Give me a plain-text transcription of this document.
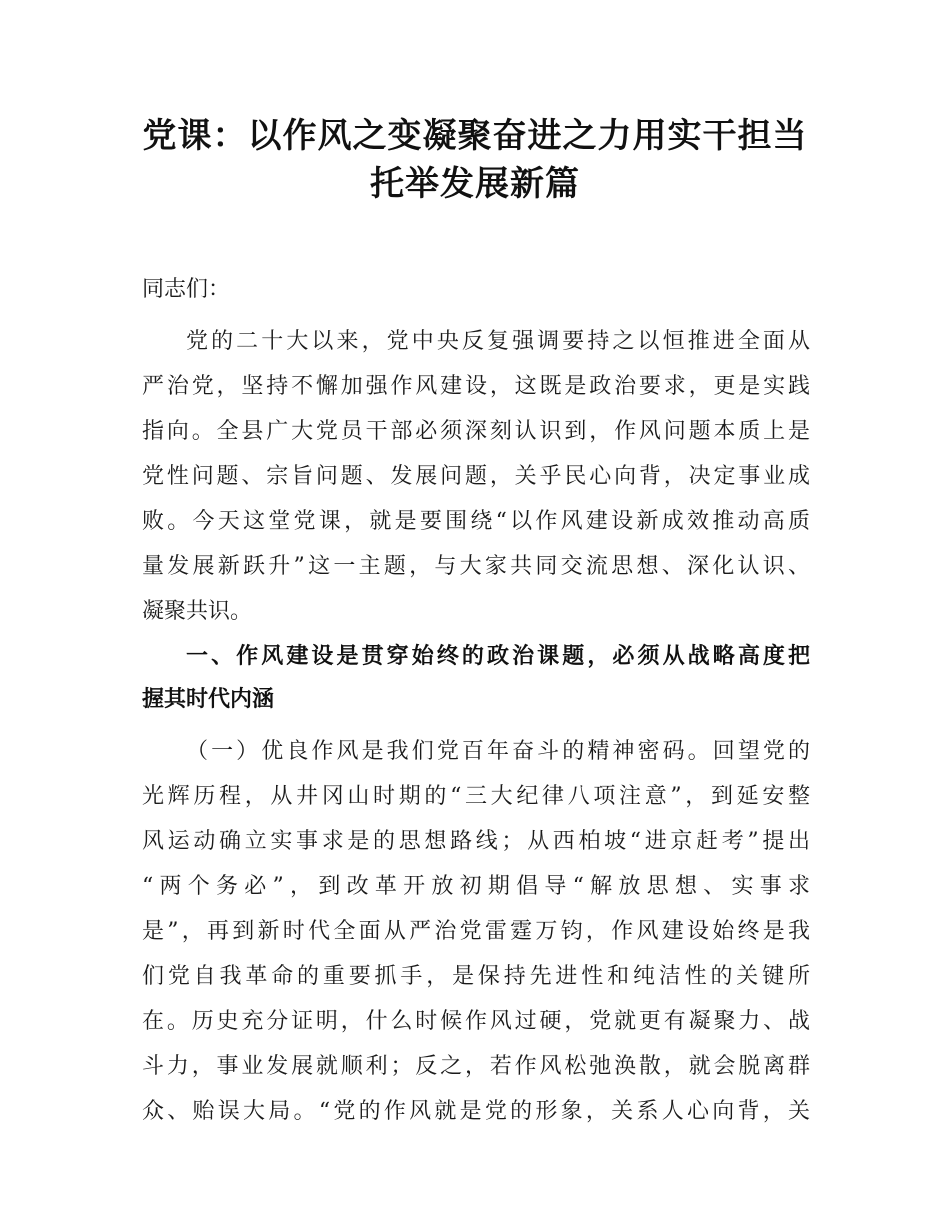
党课：以作风之变凝聚奋进之力用实干担当
托举发展新篇

同志们：

党的二十大以来，党中央反复强调要持之以恒推进全面从

严治党，坚持不懈加强作风建设，这既是政治要求，更是实践

指向。全县广大党员干部必须深刻认识到，作风问题本质上是

党性问题、宗旨问题、发展问题，关乎民心向背，决定事业成

败。今天这堂党课，就是要围绕“以作风建设新成效推动高质

量发展新跃升”这一主题，与大家共同交流思想、深化认识、

凝聚共识。

一、作风建设是贯穿始终的政治课题，必须从战略高度把

握其时代内涵

（一）优良作风是我们党百年奋斗的精神密码。回望党的

光辉历程，从井冈山时期的“三大纪律八项注意”，到延安整

风运动确立实事求是的思想路线；从西柏坡“进京赶考”提出

“两个务必”，到改革开放初期倡导“解放思想、实事求

是”，再到新时代全面从严治党雷霆万钧，作风建设始终是我

们党自我革命的重要抓手，是保持先进性和纯洁性的关键所

在。历史充分证明，什么时候作风过硬，党就更有凝聚力、战

斗力，事业发展就顺利；反之，若作风松弛涣散，就会脱离群

众、贻误大局。“党的作风就是党的形象，关系人心向背，关
